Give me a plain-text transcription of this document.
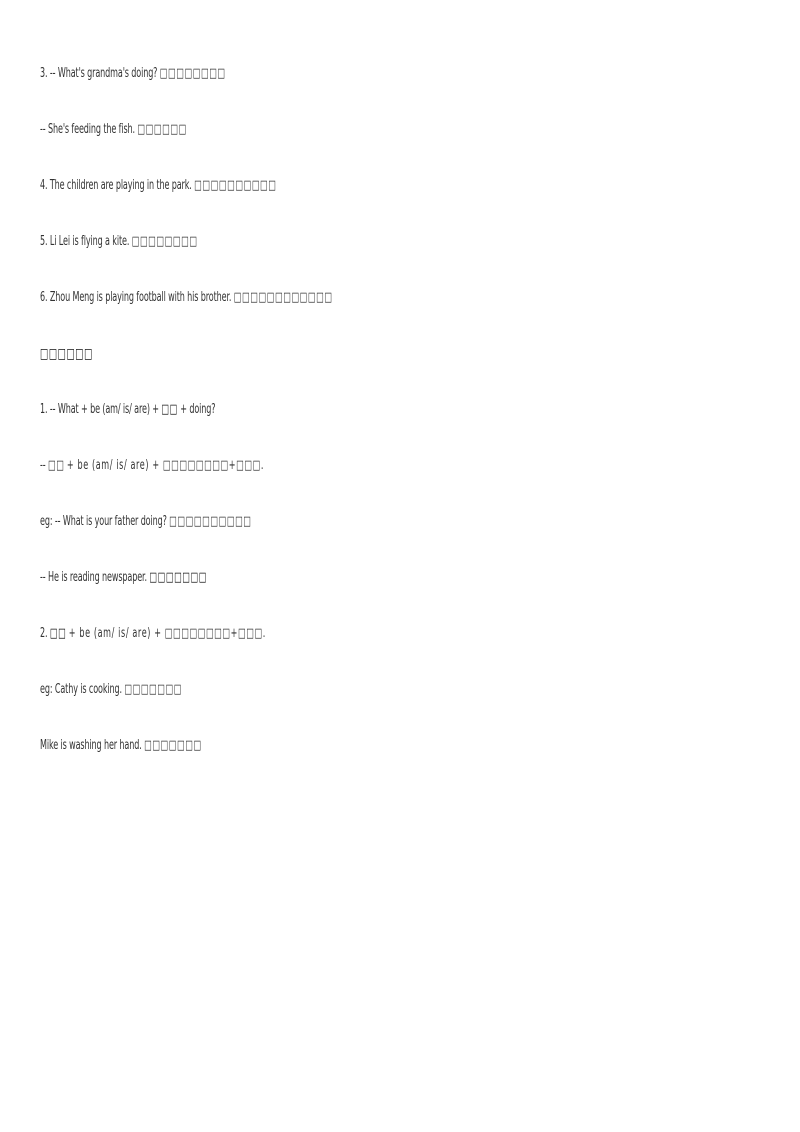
3. -- What's grandma's doing? □□□□□□□□
-- She's feeding the fish. □□□□□□
4. The children are playing in the park. □□□□□□□□□□
5. Li Lei is flying a kite. □□□□□□□□
6. Zhou Meng is playing football with his brother. □□□□□□□□□□□□
□□□□□□
1. -- What + be (am/ is/ are) + □□ + doing?
-- □□ + be (am/ is/ are) + □□□□□□□□+□□□.
eg: -- What is your father doing? □□□□□□□□□□
-- He is reading newspaper. □□□□□□□
2. □□ + be (am/ is/ are) + □□□□□□□□+□□□.
eg: Cathy is cooking. □□□□□□□
Mike is washing her hand. □□□□□□□
